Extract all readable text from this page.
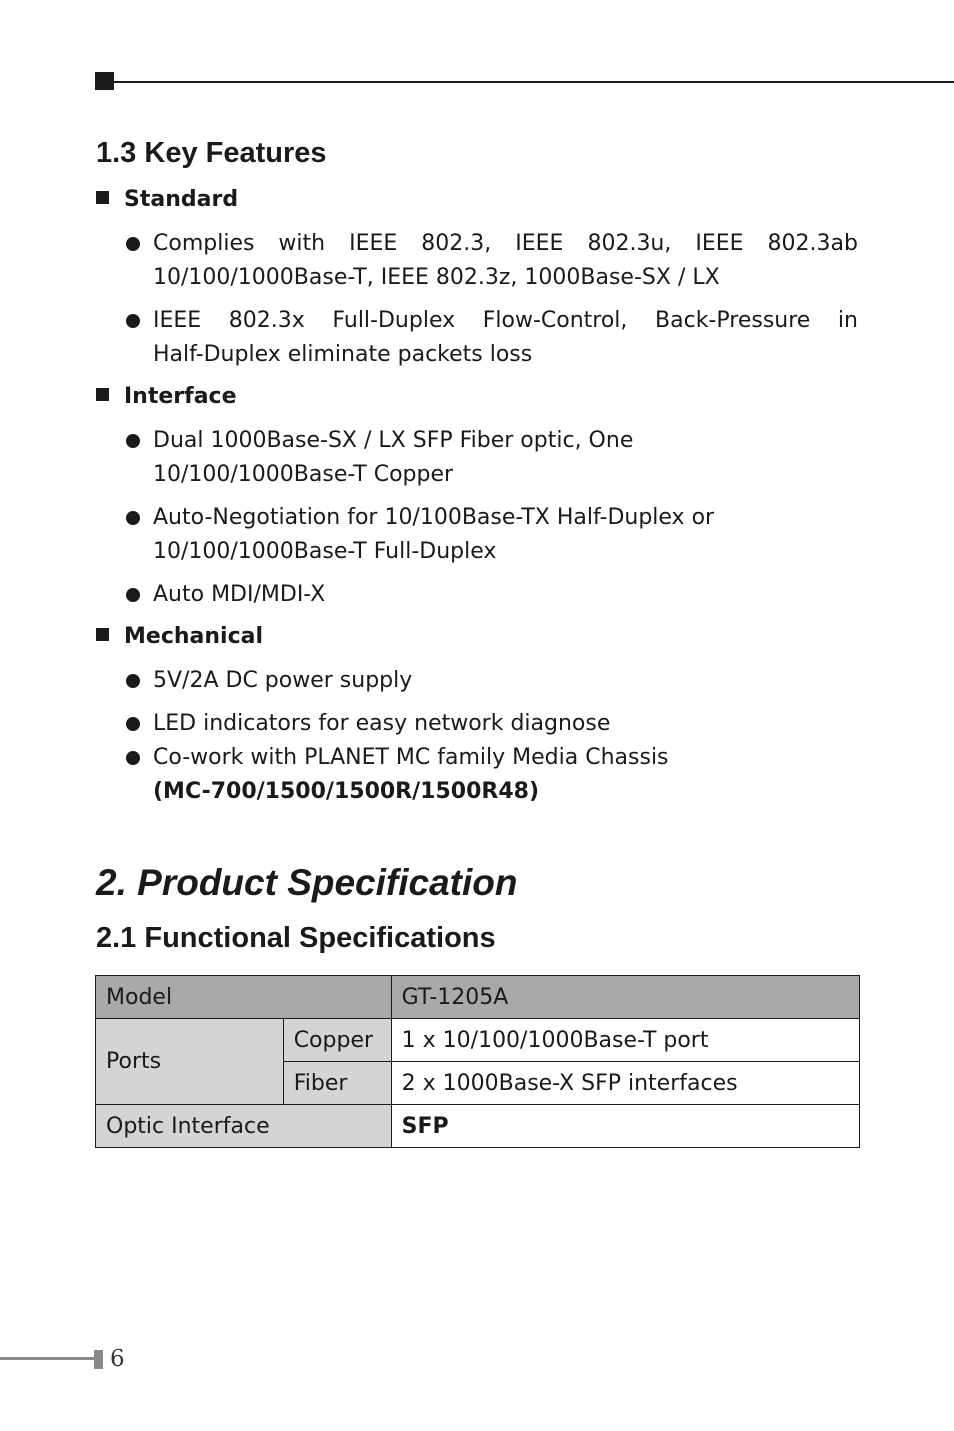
1.3 Key Features
Standard
Complies with IEEE 802.3, IEEE 802.3u, IEEE 802.3ab
10/100/1000Base-T, IEEE 802.3z, 1000Base-SX / LX
IEEE 802.3x Full-Duplex Flow-Control, Back-Pressure in
Half-Duplex eliminate packets loss
Interface
Dual 1000Base-SX / LX SFP Fiber optic, One
10/100/1000Base-T Copper
Auto-Negotiation for 10/100Base-TX Half-Duplex or
10/100/1000Base-T Full-Duplex
Auto MDI/MDI-X
Mechanical
5V/2A DC power supply
LED indicators for easy network diagnose
Co-work with PLANET MC family Media Chassis
(MC-700/1500/1500R/1500R48)
2. Product Specification
2.1 Functional Specifications
Model		GT-1205A
Ports	Copper	1 x 10/100/1000Base-T port
	Fiber	2 x 1000Base-X SFP interfaces
Optic Interface		SFP
6
